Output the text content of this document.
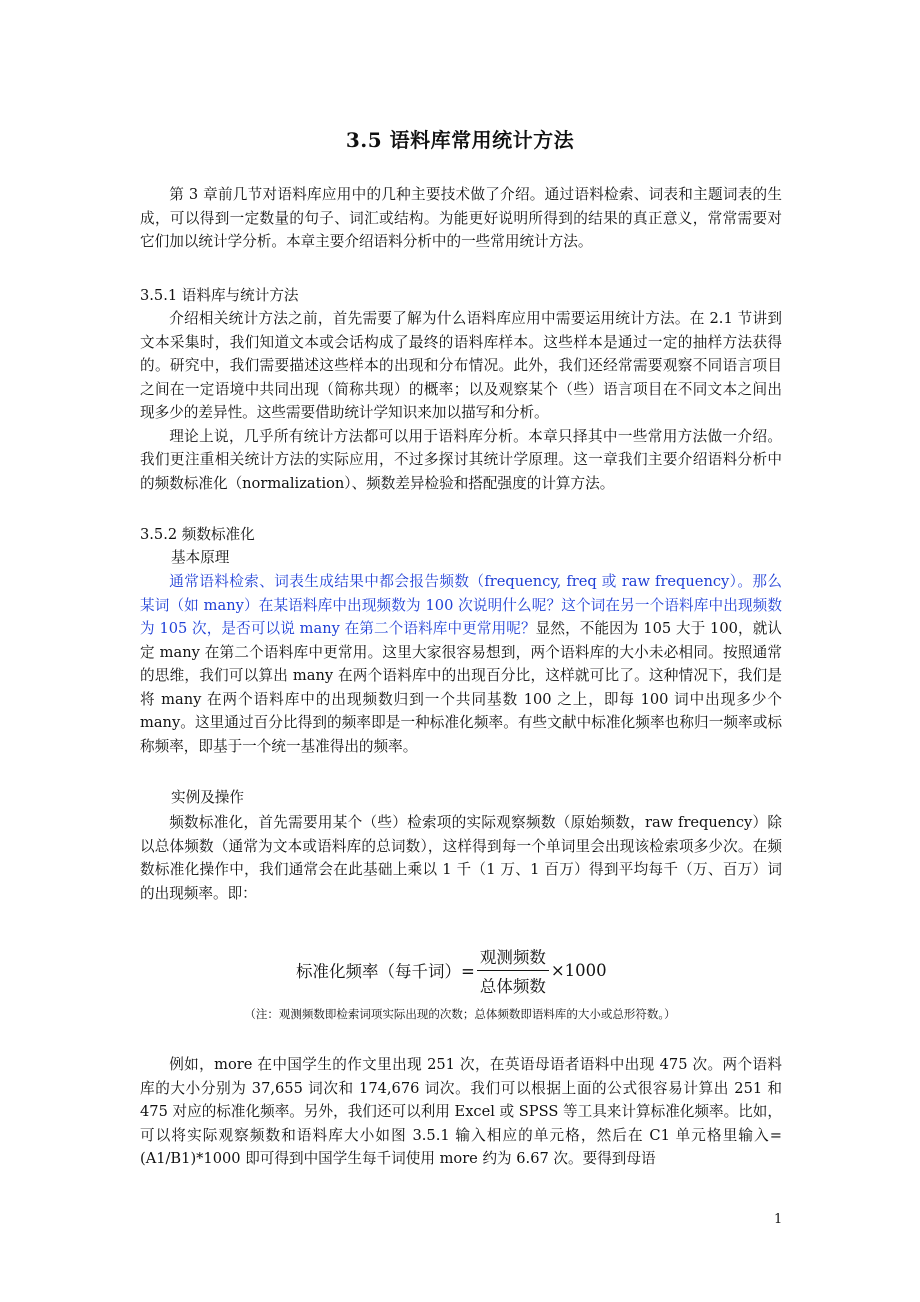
3.5 语料库常用统计方法

第 3 章前几节对语料库应用中的几种主要技术做了介绍。通过语料检索、词表和主题词表的生成，可以得到一定数量的句子、词汇或结构。为能更好说明所得到的结果的真正意义，常常需要对它们加以统计学分析。本章主要介绍语料分析中的一些常用统计方法。

3.5.1 语料库与统计方法

介绍相关统计方法之前，首先需要了解为什么语料库应用中需要运用统计方法。在 2.1 节讲到文本采集时，我们知道文本或会话构成了最终的语料库样本。这些样本是通过一定的抽样方法获得的。研究中，我们需要描述这些样本的出现和分布情况。此外，我们还经常需要观察不同语言项目之间在一定语境中共同出现（简称共现）的概率；以及观察某个（些）语言项目在不同文本之间出现多少的差异性。这些需要借助统计学知识来加以描写和分析。

理论上说，几乎所有统计方法都可以用于语料库分析。本章只择其中一些常用方法做一介绍。我们更注重相关统计方法的实际应用，不过多探讨其统计学原理。这一章我们主要介绍语料分析中的频数标准化（normalization）、频数差异检验和搭配强度的计算方法。

3.5.2 频数标准化
基本原理

通常语料检索、词表生成结果中都会报告频数（frequency, freq 或 raw frequency）。那么某词（如 many）在某语料库中出现频数为 100 次说明什么呢？这个词在另一个语料库中出现频数为 105 次，是否可以说 many 在第二个语料库中更常用呢？显然，不能因为 105 大于 100，就认定 many 在第二个语料库中更常用。这里大家很容易想到，两个语料库的大小未必相同。按照通常的思维，我们可以算出 many 在两个语料库中的出现百分比，这样就可比了。这种情况下，我们是将 many 在两个语料库中的出现频数归到一个共同基数 100 之上，即每 100 词中出现多少个 many。这里通过百分比得到的频率即是一种标准化频率。有些文献中标准化频率也称归一频率或标称频率，即基于一个统一基准得出的频率。

实例及操作

频数标准化，首先需要用某个（些）检索项的实际观察频数（原始频数，raw frequency）除以总体频数（通常为文本或语料库的总词数），这样得到每一个单词里会出现该检索项多少次。在频数标准化操作中，我们通常会在此基础上乘以 1 千（1 万、1 百万）得到平均每千（万、百万）词的出现频率。即：

标准化频率（每千词）= $\frac{\text{观测频数}}{\text{总体频数}} \times 1000$
（注：观测频数即检索词项实际出现的次数；总体频数即语料库的大小或总形符数。）

例如，more 在中国学生的作文里出现 251 次，在英语母语者语料中出现 475 次。两个语料库的大小分别为 37,655 词次和 174,676 词次。我们可以根据上面的公式很容易计算出 251 和 475 对应的标准化频率。另外，我们还可以利用 Excel 或 SPSS 等工具来计算标准化频率。比如，可以将实际观察频数和语料库大小如图 3.5.1 输入相应的单元格，然后在 C1 单元格里输入=(A1/B1)*1000 即可得到中国学生每千词使用 more 约为 6.67 次。要得到母语

1
